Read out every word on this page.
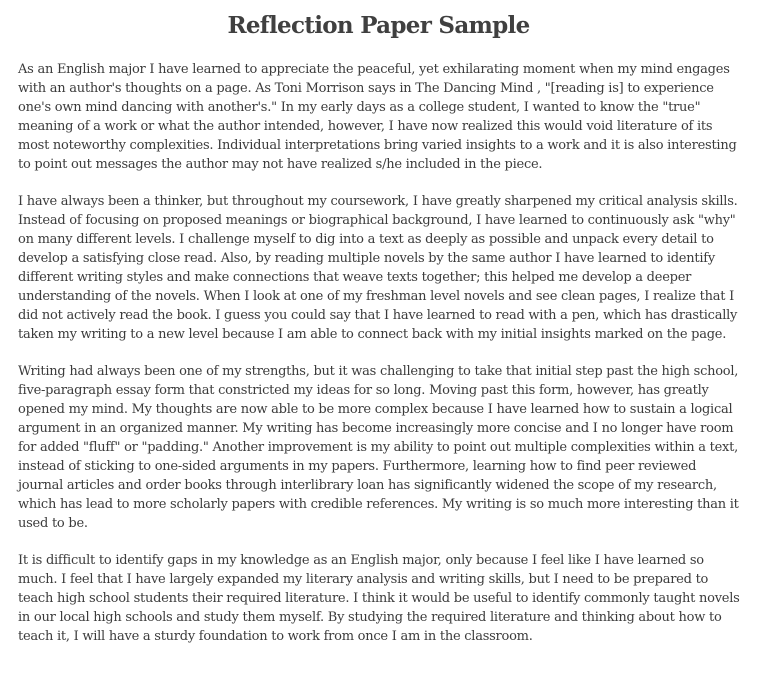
Reflection Paper Sample

As an English major I have learned to appreciate the peaceful, yet exhilarating moment when my mind engages with an author's thoughts on a page. As Toni Morrison says in The Dancing Mind , "[reading is] to experience one's own mind dancing with another's." In my early days as a college student, I wanted to know the "true" meaning of a work or what the author intended, however, I have now realized this would void literature of its most noteworthy complexities. Individual interpretations bring varied insights to a work and it is also interesting to point out messages the author may not have realized s/he included in the piece.

I have always been a thinker, but throughout my coursework, I have greatly sharpened my critical analysis skills. Instead of focusing on proposed meanings or biographical background, I have learned to continuously ask "why" on many different levels. I challenge myself to dig into a text as deeply as possible and unpack every detail to develop a satisfying close read. Also, by reading multiple novels by the same author I have learned to identify different writing styles and make connections that weave texts together; this helped me develop a deeper understanding of the novels. When I look at one of my freshman level novels and see clean pages, I realize that I did not actively read the book. I guess you could say that I have learned to read with a pen, which has drastically taken my writing to a new level because I am able to connect back with my initial insights marked on the page.

Writing had always been one of my strengths, but it was challenging to take that initial step past the high school, five-paragraph essay form that constricted my ideas for so long. Moving past this form, however, has greatly opened my mind. My thoughts are now able to be more complex because I have learned how to sustain a logical argument in an organized manner. My writing has become increasingly more concise and I no longer have room for added "fluff" or "padding." Another improvement is my ability to point out multiple complexities within a text, instead of sticking to one-sided arguments in my papers. Furthermore, learning how to find peer reviewed journal articles and order books through interlibrary loan has significantly widened the scope of my research, which has lead to more scholarly papers with credible references. My writing is so much more interesting than it used to be.

It is difficult to identify gaps in my knowledge as an English major, only because I feel like I have learned so much. I feel that I have largely expanded my literary analysis and writing skills, but I need to be prepared to teach high school students their required literature. I think it would be useful to identify commonly taught novels in our local high schools and study them myself. By studying the required literature and thinking about how to teach it, I will have a sturdy foundation to work from once I am in the classroom.
